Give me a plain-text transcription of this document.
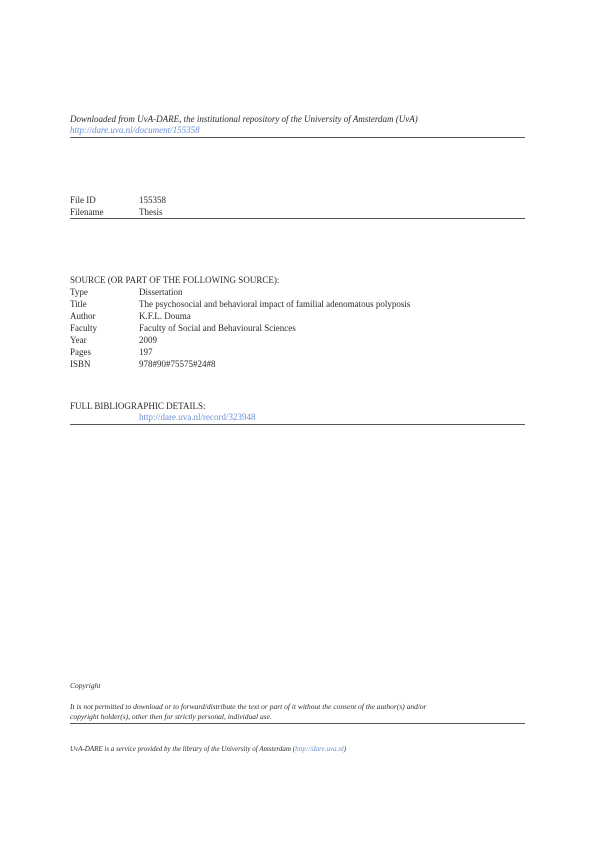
Downloaded from UvA-DARE, the institutional repository of the University of Amsterdam (UvA)
http://dare.uva.nl/document/155358
File ID	155358
Filename	Thesis
SOURCE (OR PART OF THE FOLLOWING SOURCE):
Type	Dissertation
Title	The psychosocial and behavioral impact of familial adenomatous polyposis
Author	K.F.L. Douma
Faculty	Faculty of Social and Behavioural Sciences
Year	2009
Pages	197
ISBN	978#90#75575#24#8
FULL BIBLIOGRAPHIC DETAILS:
http://dare.uva.nl/record/323948
Copyright
It is not permitted to download or to forward/distribute the text or part of it without the consent of the author(s) and/or
copyright holder(s), other then for strictly personal, individual use.
UvA-DARE is a service provided by the library of the University of Amsterdam (http://dare.uva.nl)
